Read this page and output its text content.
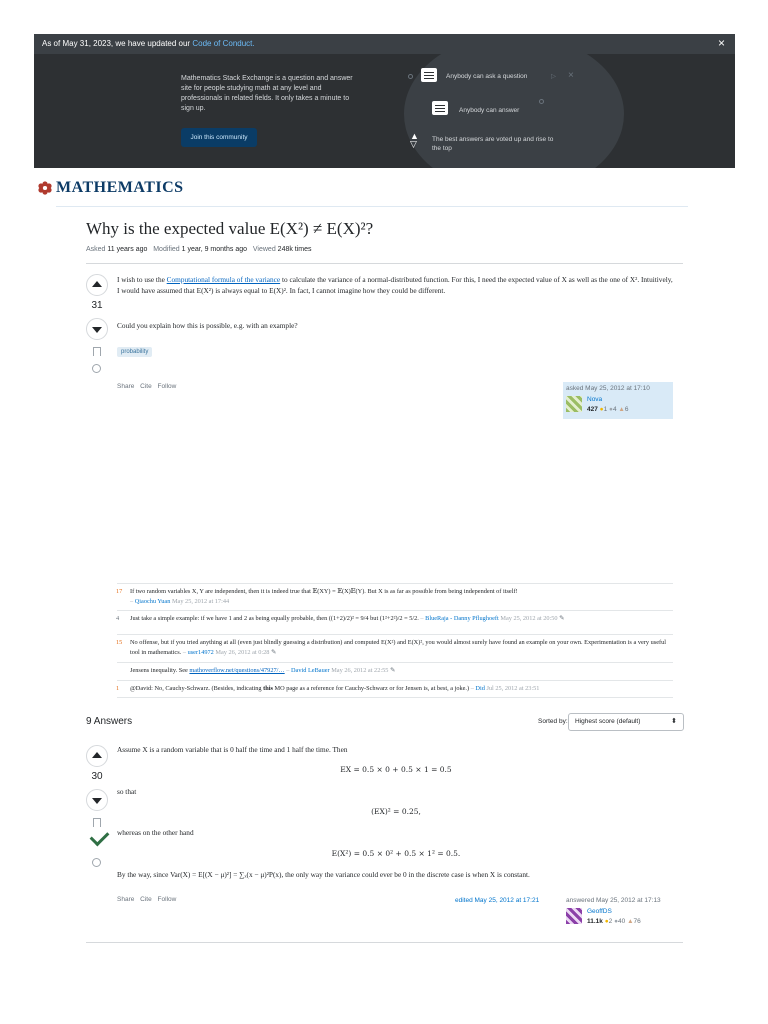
As of May 31, 2023, we have updated our Code of Conduct.	×
Mathematics Stack Exchange is a question and answer site for people studying math at any level and professionals in related fields. It only takes a minute to sign up.
Join this community
Anybody can ask a question	▷ ×
Anybody can answer
▲
▽	The best answers are voted up and rise to the top
MATHEMATICS
Why is the expected value E(X²) ≠ E(X)²?
Asked 11 years ago Modified 1 year, 9 months ago Viewed 248k times
31
I wish to use the Computational formula of the variance to calculate the variance of a normal-distributed function. For this, I need the expected value of X as well as the one of X². Intuitively, I would have assumed that E(X²) is always equal to E(X)². In fact, I cannot imagine how they could be different.
Could you explain how this is possible, e.g. with an example?
probability
Share Cite Follow	asked May 25, 2012 at 17:10
Nova
427 ●1 ●4 ▲6
17 If two random variables X, Y are independent, then it is indeed true that 𝔼(XY) = 𝔼(X)𝔼(Y). But X is as far as possible from being independent of itself!
– Qiaochu Yuan May 25, 2012 at 17:44
4 Just take a simple example: if we have 1 and 2 as being equally probable, then ((1+2)/2)² = 9/4 but (1²+2²)/2 = 5/2. – BlueRaja - Danny Pflughoeft May 25, 2012 at 20:50 ✎
15 No offense, but if you tried anything at all (even just blindly guessing a distribution) and computed E(X²) and E(X)², you would almost surely have found an example on your own. Experimentation is a very useful tool in mathematics. – user14972 May 26, 2012 at 0:28 ✎
Jensens inequality. See mathoverflow.net/questions/47927/… – David LeBauer May 26, 2012 at 22:55 ✎
1 @David: No, Cauchy-Schwarz. (Besides, indicating this MO page as a reference for Cauchy-Schwarz or for Jensen is, at best, a joke.) – Did Jul 25, 2012 at 23:51
9 Answers	Sorted by: Highest score (default)	⬍
30
Assume X is a random variable that is 0 half the time and 1 half the time. Then
EX = 0.5 × 0 + 0.5 × 1 = 0.5
so that
(EX)² = 0.25,
whereas on the other hand
E(X²) = 0.5 × 0² + 0.5 × 1² = 0.5.
By the way, since Var(X) = E[(X − μ)²] = ∑ₓ(x − μ)²P(x), the only way the variance could ever be 0 in the discrete case is when X is constant.
Share Cite Follow	edited May 25, 2012 at 17:21	answered May 25, 2012 at 17:13
GeoffDS
11.1k ●2 ●40 ▲76
